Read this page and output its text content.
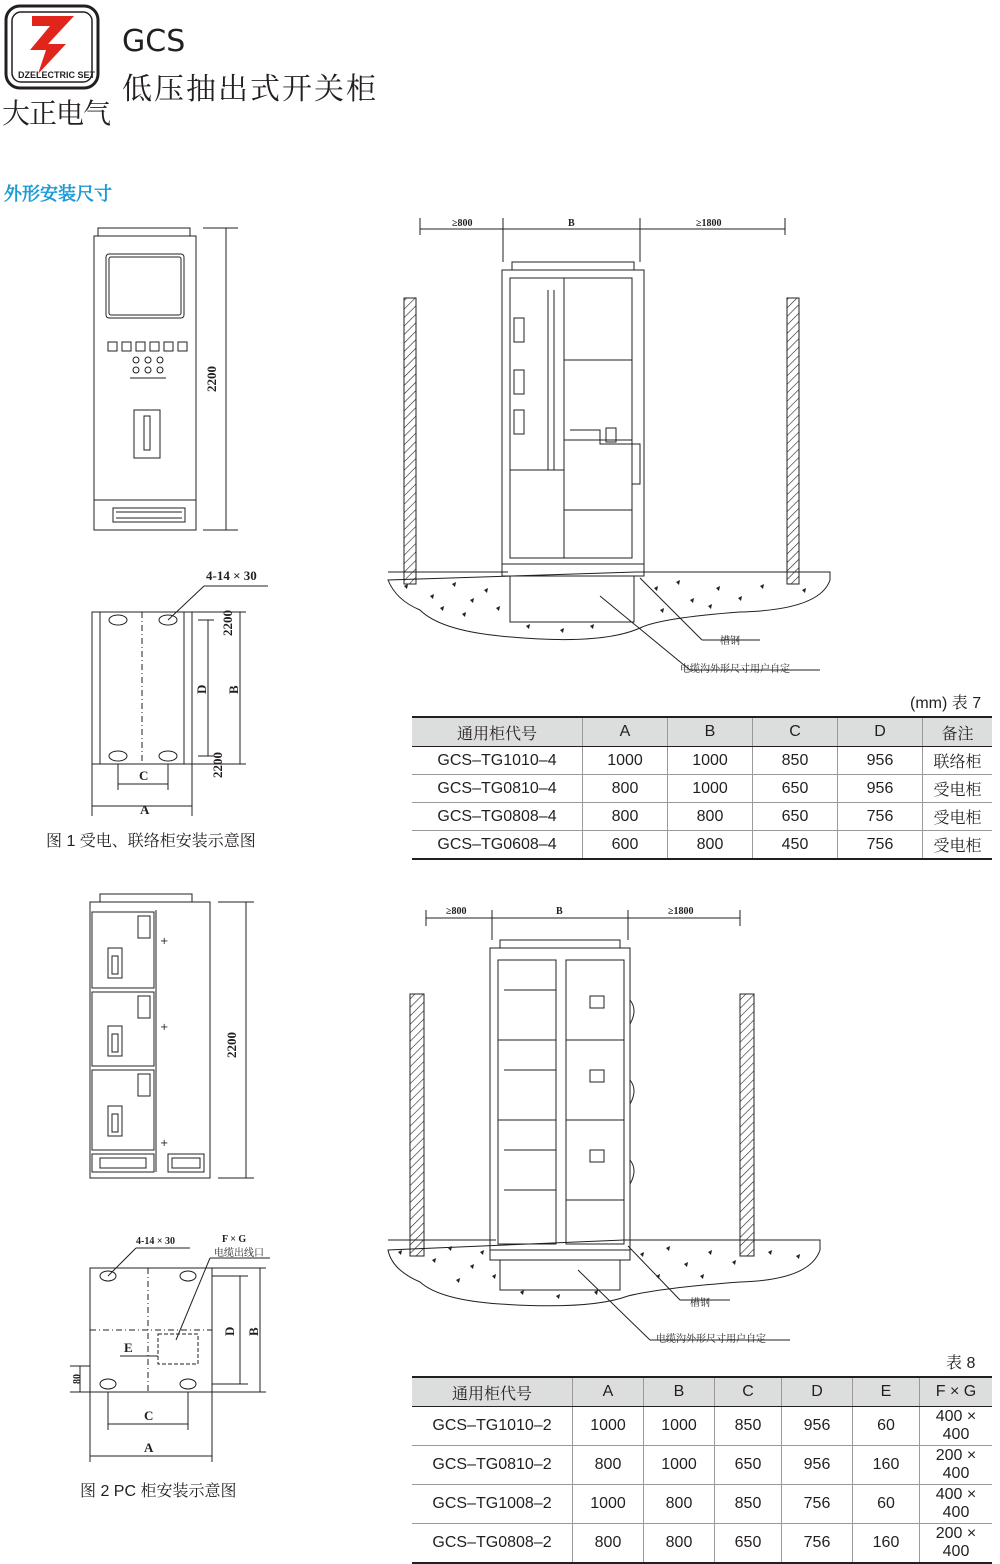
DZELECTRIC SET
大正电气
GCS
低压抽出式开关柜
外形安装尺寸
2200
4-14 × 30
2200
D B
2200
C
A
≥800	B	≥1800
槽钢
电缆沟外形尺寸用户自定
+
+
+
2200
4-14 × 30	F × G
电缆出线口
D B
E
80
C
A
≥800	B	≥1800
槽钢
电缆沟外形尺寸用户自定
图 1 受电、联络柜安装示意图
图 2 PC 柜安装示意图
(mm) 表 7
通用柜代号	A	B	C	D	备注
GCS–TG1010–4	1000	1000	850	956	联络柜
GCS–TG0810–4	800	1000	650	956	受电柜
GCS–TG0808–4	800	800	650	756	受电柜
GCS–TG0608–4	600	800	450	756	受电柜
表 8
通用柜代号	A	B	C	D	E	F × G
GCS–TG1010–2	1000	1000	850	956	60	400 × 400
GCS–TG0810–2	800	1000	650	956	160	200 × 400
GCS–TG1008–2	1000	800	850	756	60	400 × 400
GCS–TG0808–2	800	800	650	756	160	200 × 400
